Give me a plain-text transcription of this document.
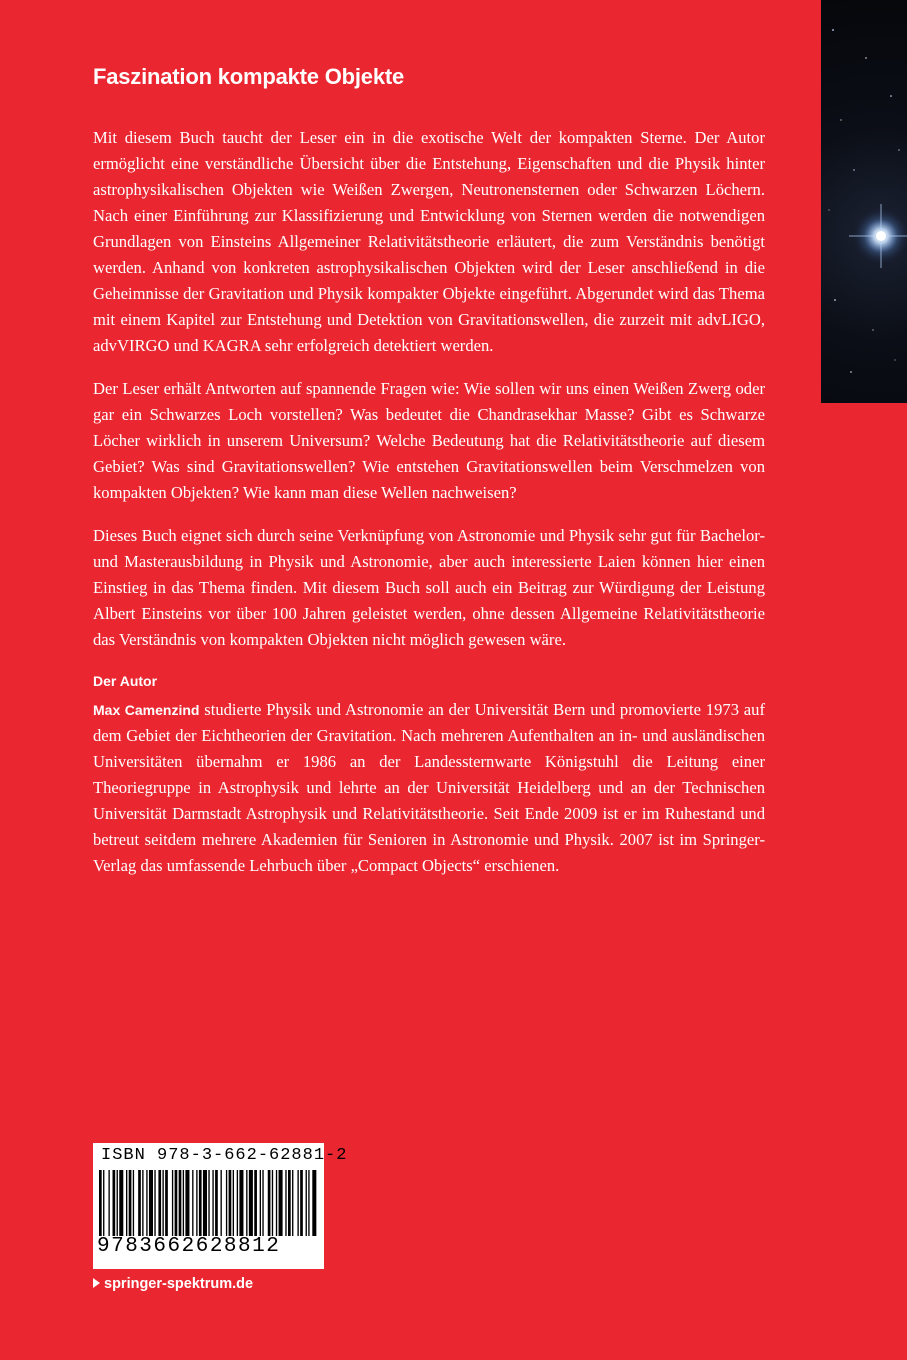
Faszination kompakte Objekte

Mit diesem Buch taucht der Leser ein in die exotische Welt der kompakten Sterne. Der Autor ermöglicht eine verständliche Übersicht über die Entstehung, Eigenschaften und die Physik hinter astrophysikalischen Objekten wie Weißen Zwergen, Neutronensternen oder Schwarzen Löchern. Nach einer Einführung zur Klassifizierung und Entwicklung von Sternen werden die notwendigen Grundlagen von Einsteins Allgemeiner Relativitätstheorie erläutert, die zum Verständnis benötigt werden. Anhand von konkreten astrophysikalischen Objekten wird der Leser anschließend in die Geheimnisse der Gravitation und Physik kompakter Objekte eingeführt. Abgerundet wird das Thema mit einem Kapitel zur Entstehung und Detektion von Gravitationswellen, die zurzeit mit advLIGO, advVIRGO und KAGRA sehr erfolgreich detektiert werden.

Der Leser erhält Antworten auf spannende Fragen wie: Wie sollen wir uns einen Weißen Zwerg oder gar ein Schwarzes Loch vorstellen? Was bedeutet die Chandrasekhar Masse? Gibt es Schwarze Löcher wirklich in unserem Universum? Welche Bedeutung hat die Relativitätstheorie auf diesem Gebiet? Was sind Gravitationswellen? Wie entstehen Gravitationswellen beim Verschmelzen von kompakten Objekten? Wie kann man diese Wellen nachweisen?

Dieses Buch eignet sich durch seine Verknüpfung von Astronomie und Physik sehr gut für Bachelor- und Masterausbildung in Physik und Astronomie, aber auch interessierte Laien können hier einen Einstieg in das Thema finden. Mit diesem Buch soll auch ein Beitrag zur Würdigung der Leistung Albert Einsteins vor über 100 Jahren geleistet werden, ohne dessen Allgemeine Relativitätstheorie das Verständnis von kompakten Objekten nicht möglich gewesen wäre.

Der Autor

Max Camenzind studierte Physik und Astronomie an der Universität Bern und promovierte 1973 auf dem Gebiet der Eichtheorien der Gravitation. Nach mehreren Aufenthalten an in- und ausländischen Universitäten übernahm er 1986 an der Landessternwarte Königstuhl die Leitung einer Theoriegruppe in Astrophysik und lehrte an der Universität Heidelberg und an der Technischen Universität Darmstadt Astrophysik und Relativitätstheorie. Seit Ende 2009 ist er im Ruhestand und betreut seitdem mehrere Akademien für Senioren in Astronomie und Physik. 2007 ist im Springer-Verlag das umfassende Lehrbuch über „Compact Objects“ erschienen.

ISBN 978-3-662-62881-2
9783662628812
springer-spektrum.de
